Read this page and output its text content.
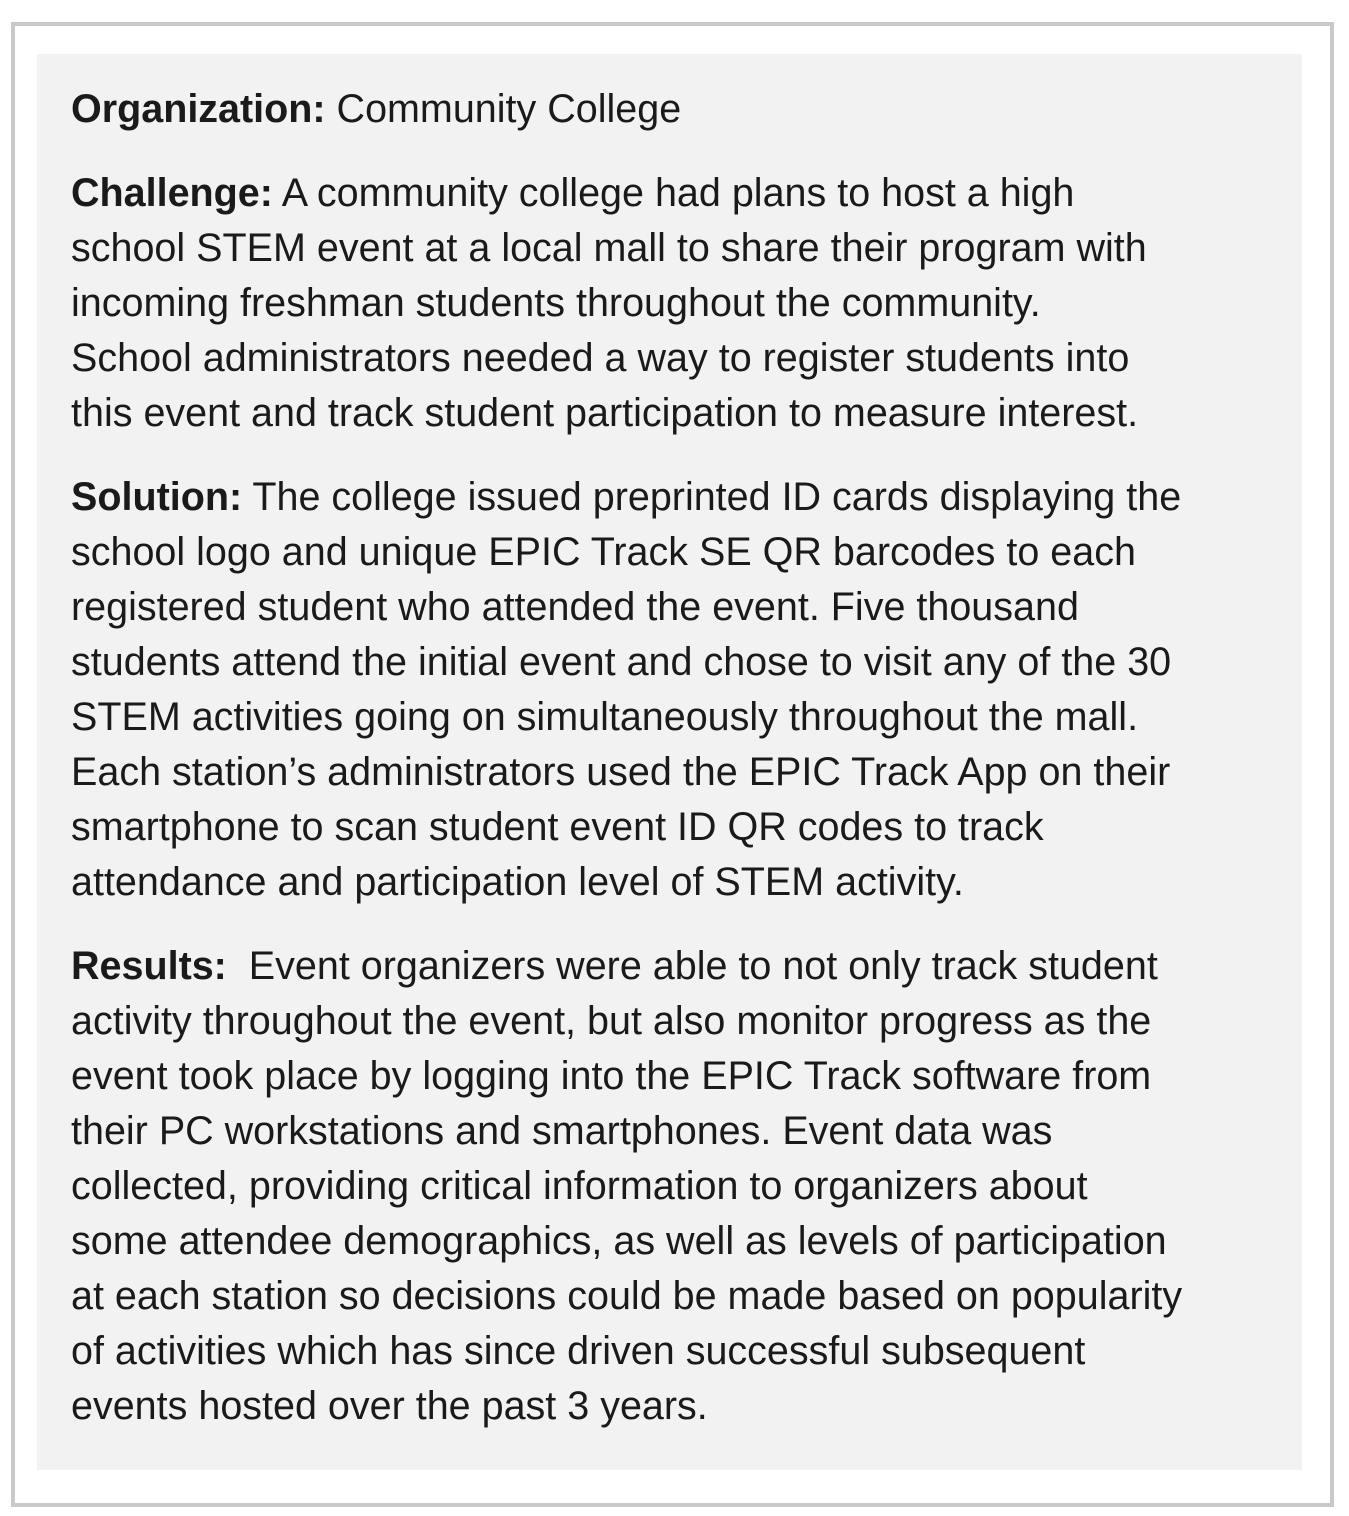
Organization: Community College

Challenge: A community college had plans to host a high
school STEM event at a local mall to share their program with
incoming freshman students throughout the community.
School administrators needed a way to register students into
this event and track student participation to measure interest.

Solution: The college issued preprinted ID cards displaying the
school logo and unique EPIC Track SE QR barcodes to each
registered student who attended the event. Five thousand
students attend the initial event and chose to visit any of the 30
STEM activities going on simultaneously throughout the mall.
Each station’s administrators used the EPIC Track App on their
smartphone to scan student event ID QR codes to track
attendance and participation level of STEM activity.

Results:  Event organizers were able to not only track student
activity throughout the event, but also monitor progress as the
event took place by logging into the EPIC Track software from
their PC workstations and smartphones. Event data was
collected, providing critical information to organizers about
some attendee demographics, as well as levels of participation
at each station so decisions could be made based on popularity
of activities which has since driven successful subsequent
events hosted over the past 3 years.
